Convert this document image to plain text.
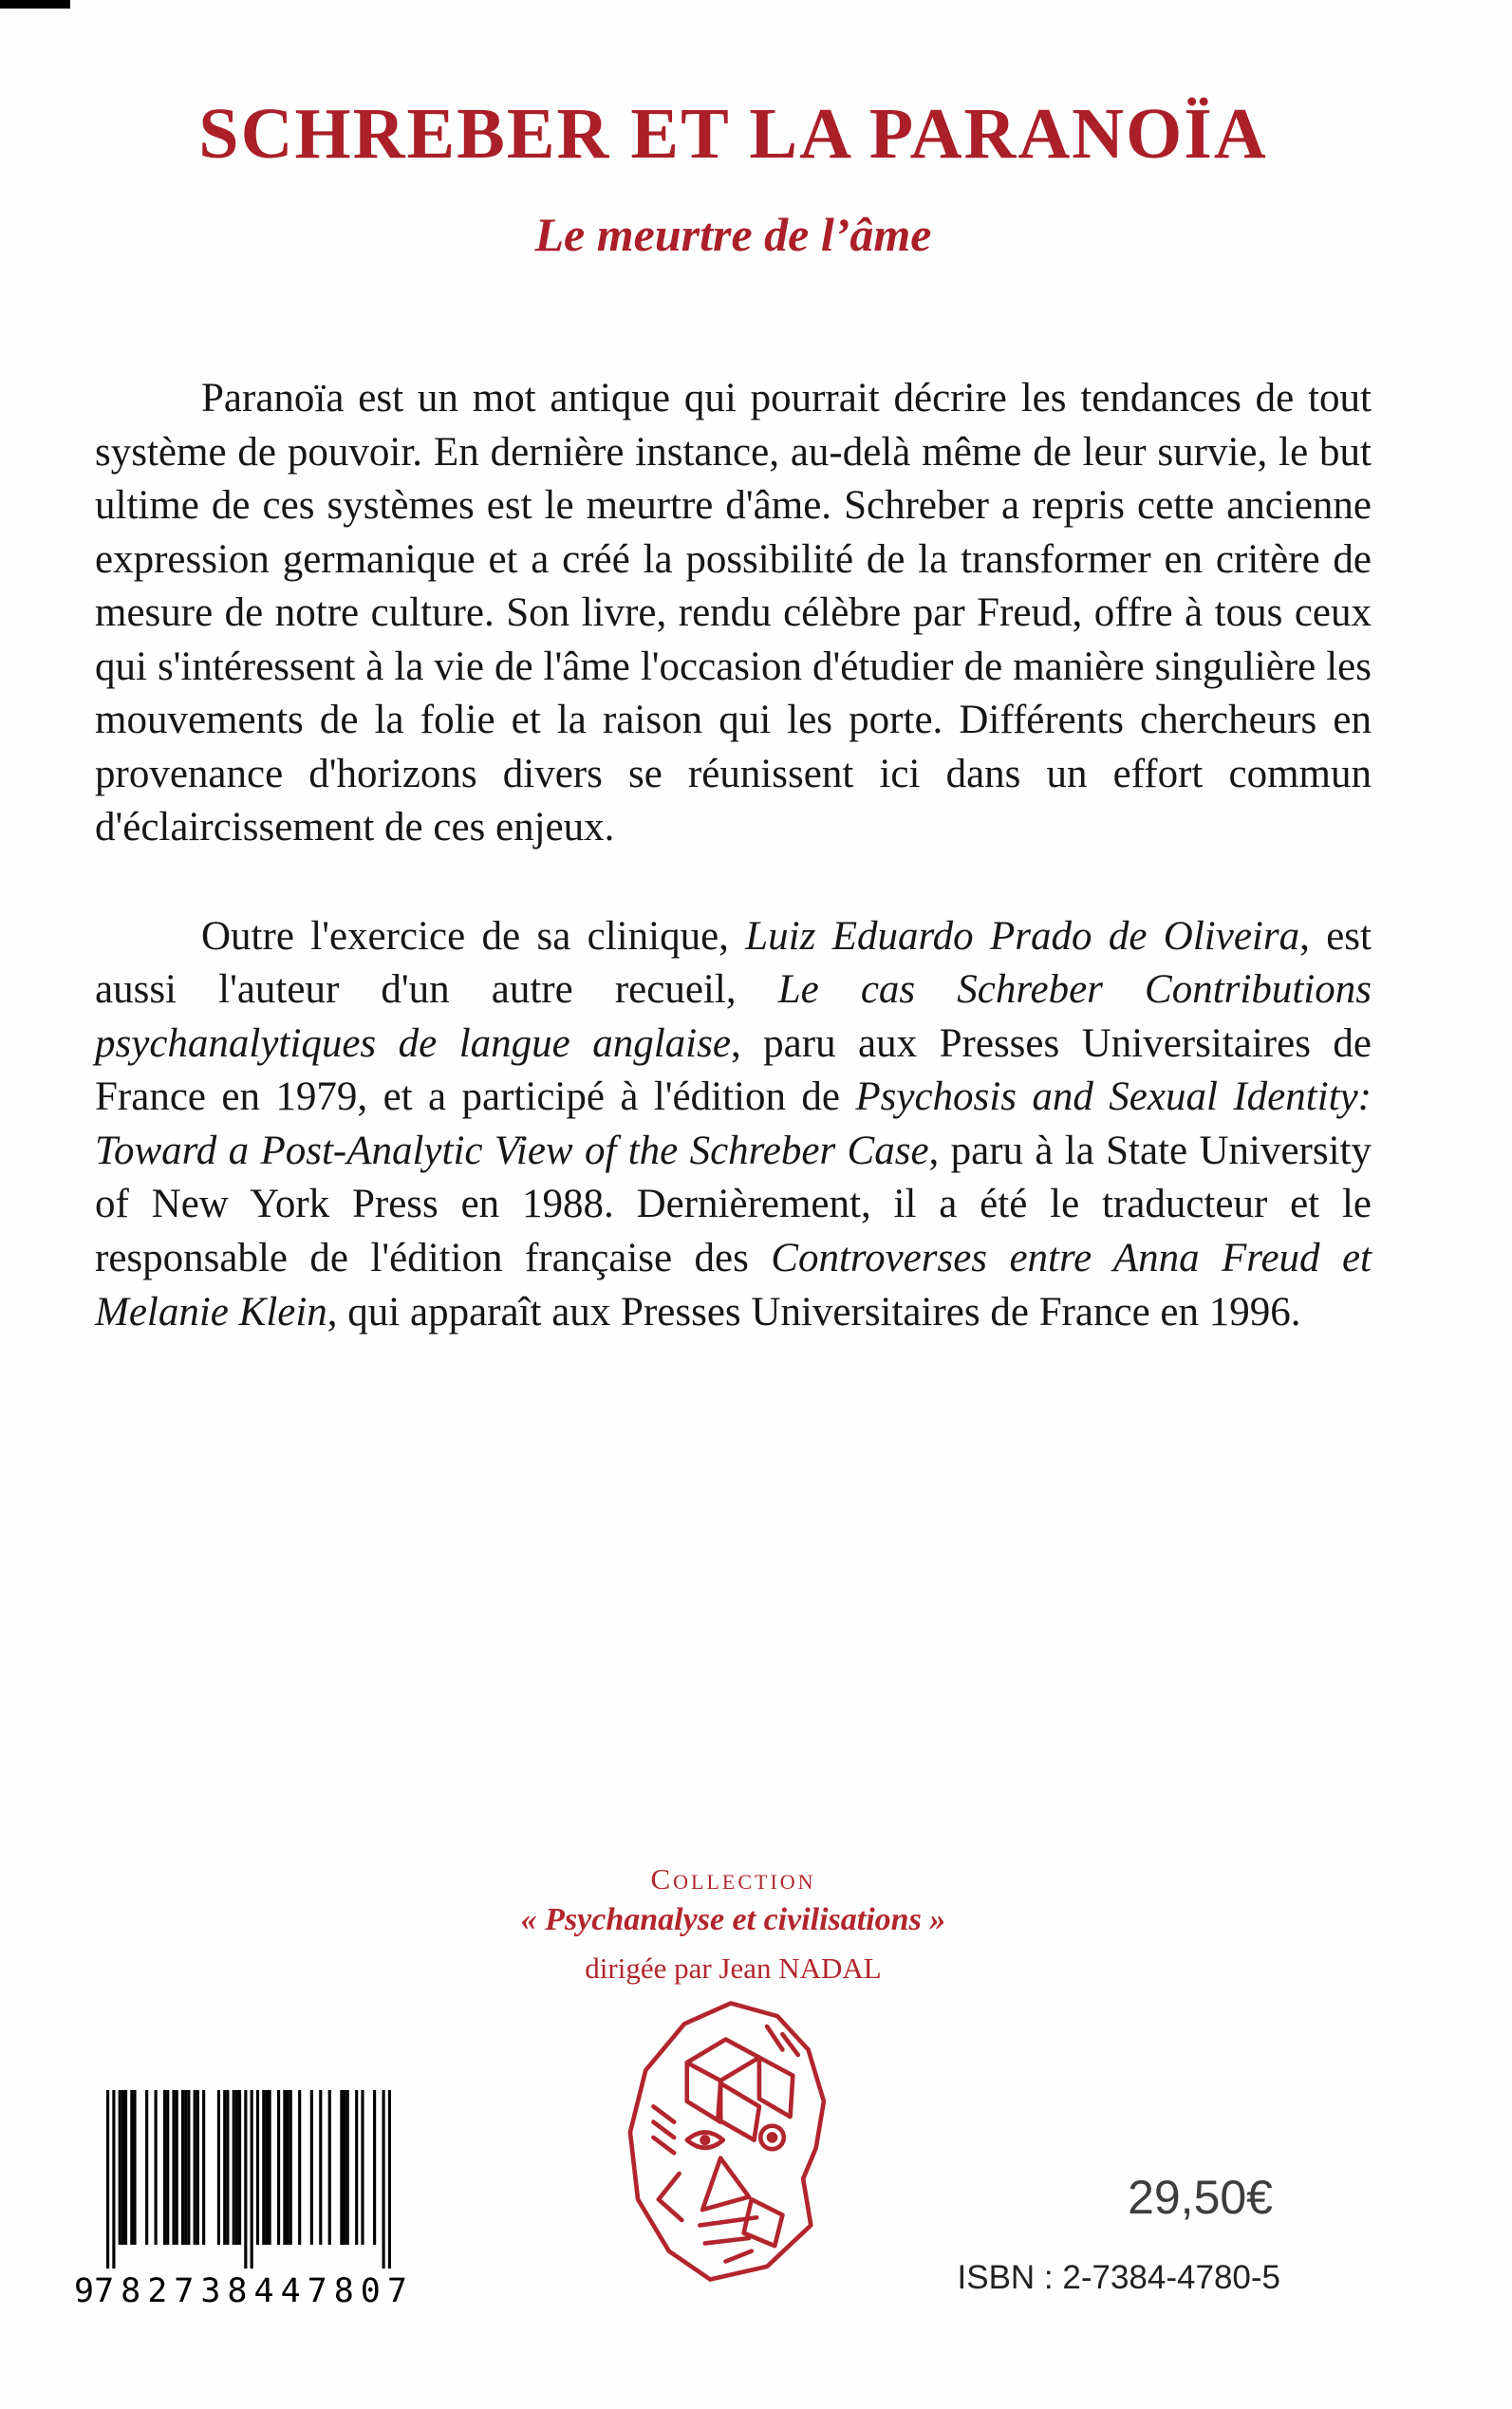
SCHREBER ET LA PARANOÏA
Le meurtre de l’âme

Paranoïa est un mot antique qui pourrait décrire les tendances de tout système de pouvoir. En dernière instance, au-delà même de leur survie, le but ultime de ces systèmes est le meurtre d'âme. Schreber a repris cette ancienne expression germanique et a créé la possibilité de la transformer en critère de mesure de notre culture. Son livre, rendu célèbre par Freud, offre à tous ceux qui s'intéressent à la vie de l'âme l'occasion d'étudier de manière singulière les mouvements de la folie et la raison qui les porte. Différents chercheurs en provenance d'horizons divers se réunissent ici dans un effort commun d'éclaircissement de ces enjeux.

Outre l'exercice de sa clinique, Luiz Eduardo Prado de Oliveira, est aussi l'auteur d'un autre recueil, Le cas Schreber Contributions psychanalytiques de langue anglaise, paru aux Presses Universitaires de France en 1979, et a participé à l'édition de Psychosis and Sexual Identity: Toward a Post-Analytic View of the Schreber Case, paru à la State University of New York Press en 1988. Dernièrement, il a été le traducteur et le responsable de l'édition française des Controverses entre Anna Freud et Melanie Klein, qui apparaît aux Presses Universitaires de France en 1996.

Collection
« Psychanalyse et civilisations »
dirigée par Jean NADAL
9 782738 447807
29,50€
ISBN : 2-7384-4780-5
